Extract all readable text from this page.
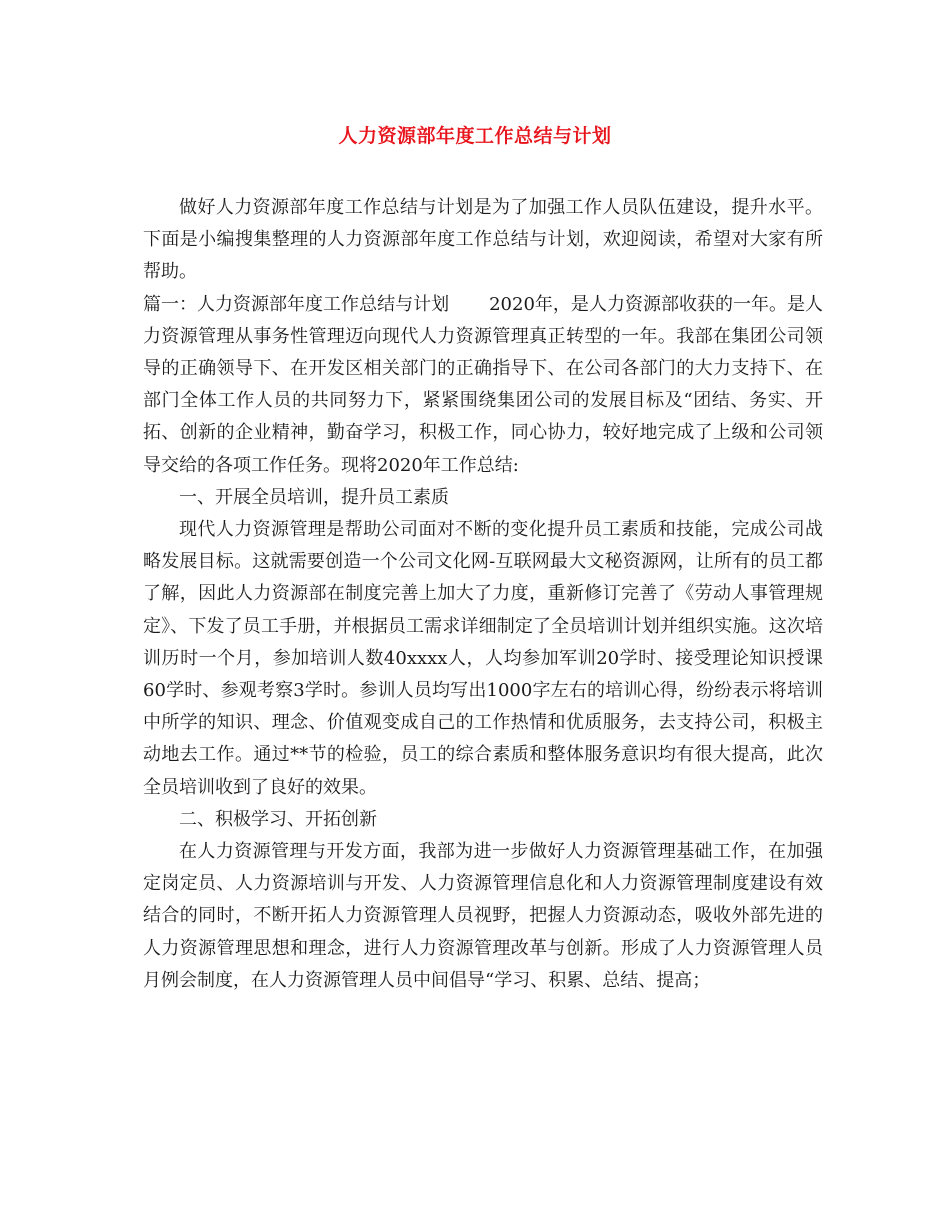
人力资源部年度工作总结与计划

做好人力资源部年度工作总结与计划是为了加强工作人员队伍建设，提升水平。下面是小编搜集整理的人力资源部年度工作总结与计划，欢迎阅读，希望对大家有所帮助。

篇一：人力资源部年度工作总结与计划 2020年，是人力资源部收获的一年。是人力资源管理从事务性管理迈向现代人力资源管理真正转型的一年。我部在集团公司领导的正确领导下、在开发区相关部门的正确指导下、在公司各部门的大力支持下、在部门全体工作人员的共同努力下，紧紧围绕集团公司的发展目标及“团结、务实、开拓、创新的企业精神，勤奋学习，积极工作，同心协力，较好地完成了上级和公司领导交给的各项工作任务。现将2020年工作总结:

一、开展全员培训，提升员工素质

现代人力资源管理是帮助公司面对不断的变化提升员工素质和技能，完成公司战略发展目标。这就需要创造一个公司文化网-互联网最大文秘资源网，让所有的员工都了解，因此人力资源部在制度完善上加大了力度，重新修订完善了《劳动人事管理规定》、下发了员工手册，并根据员工需求详细制定了全员培训计划并组织实施。这次培训历时一个月，参加培训人数40xxxx人，人均参加军训20学时、接受理论知识授课60学时、参观考察3学时。参训人员均写出1000字左右的培训心得，纷纷表示将培训中所学的知识、理念、价值观变成自己的工作热情和优质服务，去支持公司，积极主动地去工作。通过**节的检验，员工的综合素质和整体服务意识均有很大提高，此次全员培训收到了良好的效果。

二、积极学习、开拓创新

在人力资源管理与开发方面，我部为进一步做好人力资源管理基础工作，在加强定岗定员、人力资源培训与开发、人力资源管理信息化和人力资源管理制度建设有效结合的同时，不断开拓人力资源管理人员视野，把握人力资源动态，吸收外部先进的人力资源管理思想和理念，进行人力资源管理改革与创新。形成了人力资源管理人员月例会制度，在人力资源管理人员中间倡导“学习、积累、总结、提高；
